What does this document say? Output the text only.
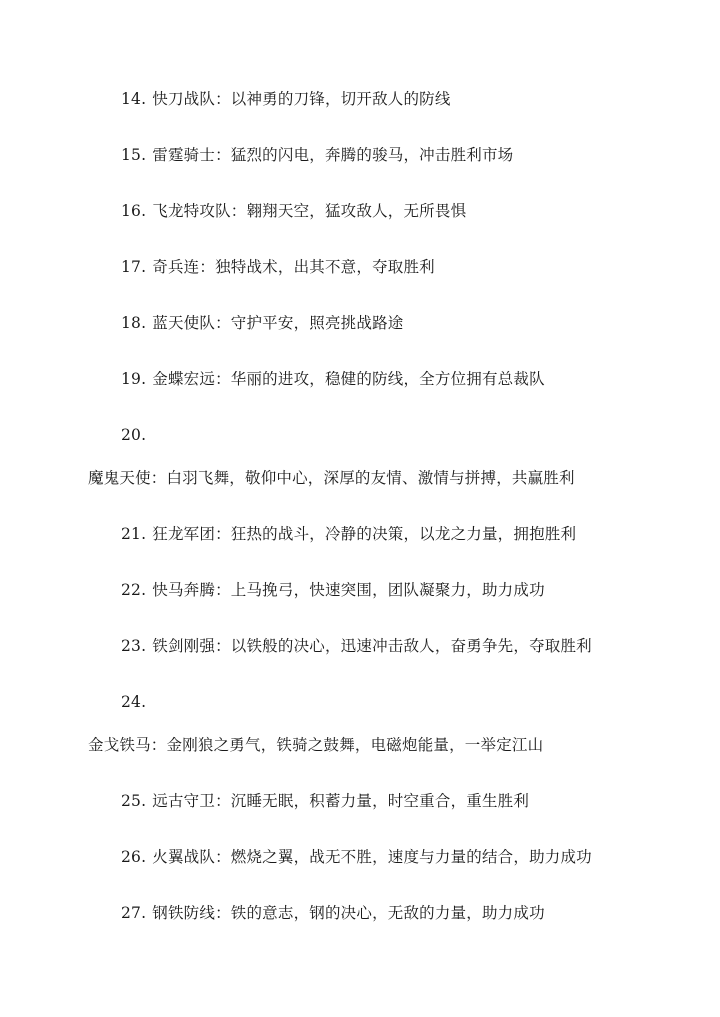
14. 快刀战队：以神勇的刀锋，切开敌人的防线
15. 雷霆骑士：猛烈的闪电，奔腾的骏马，冲击胜利市场
16. 飞龙特攻队：翱翔天空，猛攻敌人，无所畏惧
17. 奇兵连：独特战术，出其不意，夺取胜利
18. 蓝天使队：守护平安，照亮挑战路途
19. 金蝶宏远：华丽的进攻，稳健的防线，全方位拥有总裁队
20.
魔鬼天使：白羽飞舞，敬仰中心，深厚的友情、激情与拼搏，共赢胜利
21. 狂龙军团：狂热的战斗，冷静的决策，以龙之力量，拥抱胜利
22. 快马奔腾：上马挽弓，快速突围，团队凝聚力，助力成功
23. 铁剑刚强：以铁般的决心，迅速冲击敌人，奋勇争先，夺取胜利
24.
金戈铁马：金刚狼之勇气，铁骑之鼓舞，电磁炮能量，一举定江山
25. 远古守卫：沉睡无眠，积蓄力量，时空重合，重生胜利
26. 火翼战队：燃烧之翼，战无不胜，速度与力量的结合，助力成功
27. 钢铁防线：铁的意志，钢的决心，无敌的力量，助力成功
